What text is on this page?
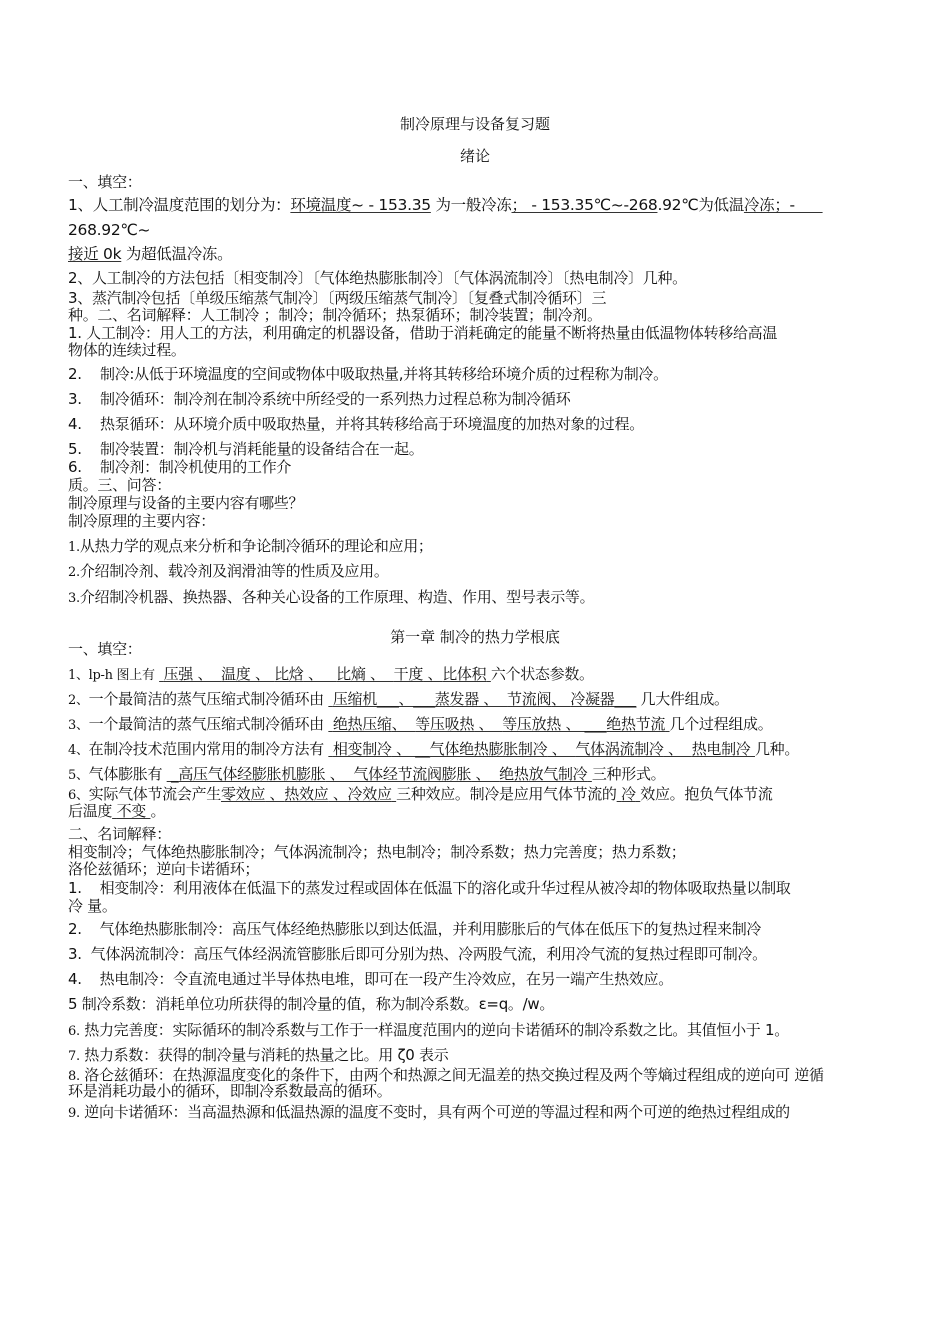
制冷原理与设备复习题
绪论
一、填空：
1、人工制冷温度范围的划分为：环境温度~ - 153.35 为一般冷冻； - 153.35℃~-268.92℃为低温冷冻；-
268.92℃~
接近 0k 为超低温冷冻。
2、人工制冷的方法包括〔相变制冷〕〔气体绝热膨胀制冷〕〔气体涡流制冷〕〔热电制冷〕几种。
3、蒸汽制冷包括〔单级压缩蒸气制冷〕〔两级压缩蒸气制冷〕〔复叠式制冷循环〕三
种。二、名词解释：人工制冷 ；制冷；制冷循环；热泵循环；制冷装置；制冷剂。
1. 人工制冷：用人工的方法，利用确定的机器设备，借助于消耗确定的能量不断将热量由低温物体转移给高温
物体的连续过程。
2. 制冷:从低于环境温度的空间或物体中吸取热量,并将其转移给环境介质的过程称为制冷。
3. 制冷循环：制冷剂在制冷系统中所经受的一系列热力过程总称为制冷循环
4. 热泵循环：从环境介质中吸取热量，并将其转移给高于环境温度的加热对象的过程。
5. 制冷装置：制冷机与消耗能量的设备结合在一起。
6. 制冷剂：制冷机使用的工作介
质。三、问答：
制冷原理与设备的主要内容有哪些？
制冷原理的主要内容：
1.从热力学的观点来分析和争论制冷循环的理论和应用；
2.介绍制冷剂、载冷剂及润滑油等的性质及应用。
3.介绍制冷机器、换热器、各种关心设备的工作原理、构造、作用、型号表示等。
第一章 制冷的热力学根底
一、填空：
1、lp-h 图上有 压强 、  温度 、 比焓 、   比熵 、  干度 、比体积 六个状态参数。
2、一个最简洁的蒸气压缩式制冷循环由 压缩机___、___蒸发器 、  节流阀、 冷凝器___ 几大件组成。
3、一个最简洁的蒸气压缩式制冷循环由 绝热压缩、  等压吸热 、  等压放热 、 ___绝热节流 几个过程组成。
4、在制冷技术范围内常用的制冷方法有 相变制冷 、 __气体绝热膨胀制冷 、  气体涡流制冷 、  热电制冷 几种。
5、气体膨胀有  _高压气体经膨胀机膨胀 、  气体经节流阀膨胀 、  绝热放气制冷 三种形式。
6、实际气体节流会产生零效应 、热效应 、冷效应 三种效应。制冷是应用气体节流的 冷 效应。抱负气体节流
后温度 不变 。
二、名词解释：
相变制冷；气体绝热膨胀制冷；气体涡流制冷；热电制冷；制冷系数；热力完善度；热力系数；
洛伦兹循环；逆向卡诺循环；
1.    相变制冷：利用液体在低温下的蒸发过程或固体在低温下的溶化或升华过程从被冷却的物体吸取热量以制取
冷 量。
2.    气体绝热膨胀制冷：高压气体经绝热膨胀以到达低温，并利用膨胀后的气体在低压下的复热过程来制冷
3.  气体涡流制冷：高压气体经涡流管膨胀后即可分别为热、冷两股气流，利用冷气流的复热过程即可制冷。
4.    热电制冷：令直流电通过半导体热电堆，即可在一段产生冷效应，在另一端产生热效应。
5 制冷系数：消耗单位功所获得的制冷量的值，称为制冷系数。ε=q。/w。
6. 热力完善度：实际循环的制冷系数与工作于一样温度范围内的逆向卡诺循环的制冷系数之比。其值恒小于 1。
7. 热力系数：获得的制冷量与消耗的热量之比。用 ζ0 表示
8. 洛仑兹循环：在热源温度变化的条件下，由两个和热源之间无温差的热交换过程及两个等熵过程组成的逆向可 逆循
环是消耗功最小的循环，即制冷系数最高的循环。
9. 逆向卡诺循环：当高温热源和低温热源的温度不变时，具有两个可逆的等温过程和两个可逆的绝热过程组成的
